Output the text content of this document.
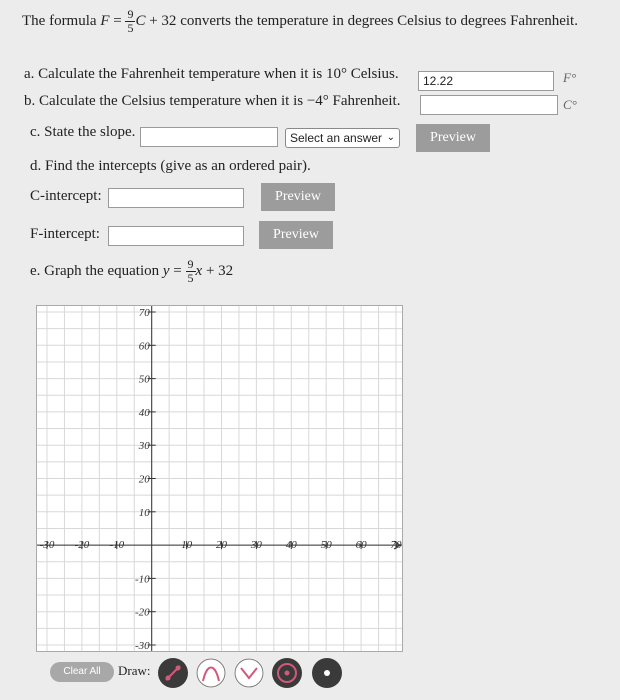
The formula $F = \frac{9}{5}$ C + 32 converts the temperature in degrees Celsius to degrees Fahrenheit.
a. Calculate the Fahrenheit temperature when it is 10° Celsius.	12.22	F°
b. Calculate the Celsius temperature when it is −4° Fahrenheit.	C°
c. State the slope.	Select an answer ⌄	Preview
d. Find the intercepts (give as an ordered pair).
C-intercept:	Preview
F-intercept:	Preview
e. Graph the equation $y = \frac{9}{5}$ x + 32
-30 -20 -10	10 20 30 40 50 60 70
70
60
50
40
30
20
10
-10
-20
-30
Clear All	Draw:
